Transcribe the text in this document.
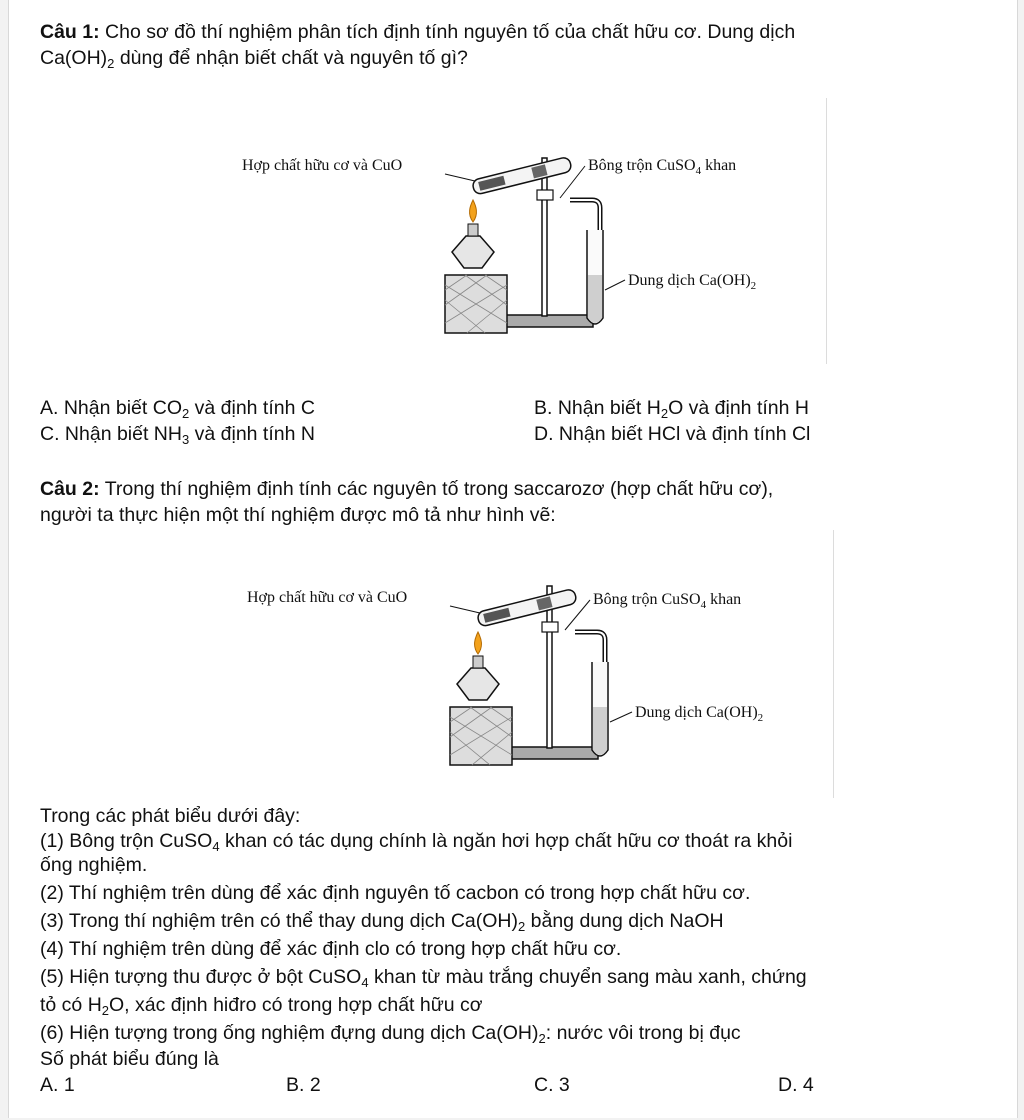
Câu 1: Cho sơ đồ thí nghiệm phân tích định tính nguyên tố của chất hữu cơ. Dung dịch
$Ca(OH)_2$ dùng để nhận biết chất và nguyên tố gì?
Hợp chất hữu cơ và CuO	Bông trộn CuSO$_4$ khan
Dung dịch $Ca(OH)_2$
A. Nhận biết $CO_2$ và định tính C	B. Nhận biết $H_2O$ và định tính H
C. Nhận biết $NH_3$ và định tính N	D. Nhận biết HCl và định tính Cl
Câu 2: Trong thí nghiệm định tính các nguyên tố trong saccarozơ (hợp chất hữu cơ),
người ta thực hiện một thí nghiệm được mô tả như hình vẽ:
Hợp chất hữu cơ và CuO	Bông trộn CuSO$_4$ khan
Dung dịch $Ca(OH)_2$
Trong các phát biểu dưới đây:
(1) Bông trộn CuSO$_4$ khan có tác dụng chính là ngăn hơi hợp chất hữu cơ thoát ra khỏi
ống nghiệm.
(2) Thí nghiệm trên dùng để xác định nguyên tố cacbon có trong hợp chất hữu cơ.
(3) Trong thí nghiệm trên có thể thay dung dịch $Ca(OH)_2$ bằng dung dịch NaOH
(4) Thí nghiệm trên dùng để xác định clo có trong hợp chất hữu cơ.
(5) Hiện tượng thu được ở bột CuSO$_4$ khan từ màu trắng chuyển sang màu xanh, chứng
tỏ có $H_2O$, xác định hiđro có trong hợp chất hữu cơ
(6) Hiện tượng trong ống nghiệm đựng dung dịch $Ca(OH)_2$: nước vôi trong bị đục
Số phát biểu đúng là
A. 1	B. 2	C. 3	D. 4
